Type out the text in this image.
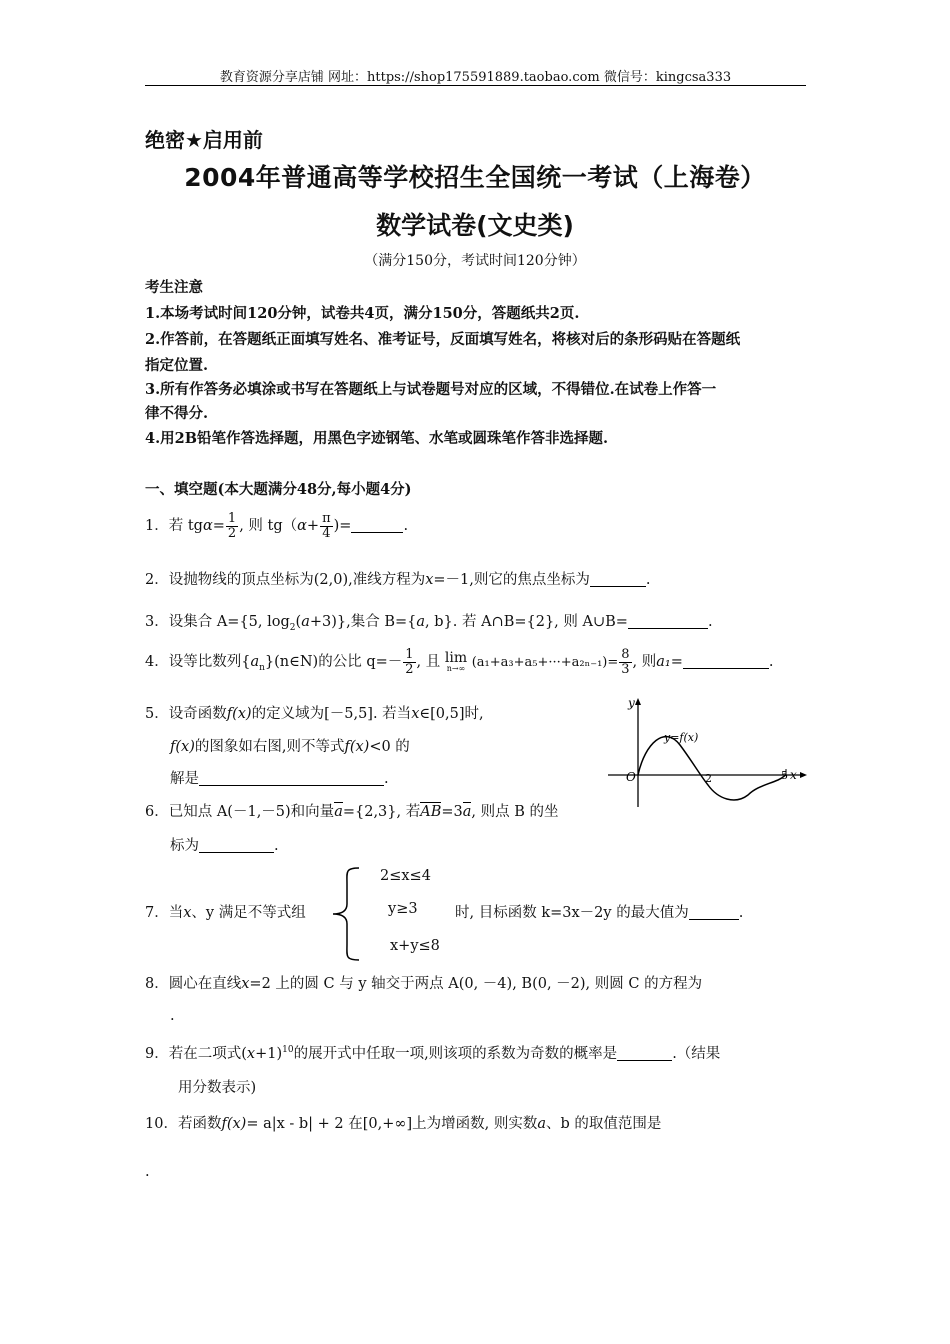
教育资源分享店铺 网址：https://shop175591889.taobao.com 微信号：kingcsa333
绝密★启用前
2004年普通高等学校招生全国统一考试（上海卷）
数学试卷(文史类)
（满分150分，考试时间120分钟）
考生注意
1.本场考试时间120分钟，试卷共4页，满分150分，答题纸共2页.
2.作答前，在答题纸正面填写姓名、准考证号，反面填写姓名，将核对后的条形码贴在答题纸
指定位置.
3.所有作答务必填涂或书写在答题纸上与试卷题号对应的区域，不得错位.在试卷上作答一
律不得分.
4.用2B铅笔作答选择题，用黑色字迹钢笔、水笔或圆珠笔作答非选择题.
一、填空题(本大题满分48分,每小题4分)
1．若 $tg\alpha= \frac{1}{2}$ , 则 $tg(\alpha+ \frac{\pi}{4}$ )=	.
2．设抛物线的顶点坐标为(2,0),准线方程为x=－1,则它的焦点坐标为	.
3．设集合 A={5, $\log_2(a+3)$},集合 B={a, b}. 若 A∩B={2}, 则 A∪B=	.
4．设等比数列$\{a_n\}(n\in N)$的公比 $q=- \frac{1}{2}$ , 且 lim
n→∞ $(a_1+a_3+a_5+\cdot\cdot\cdot+a_{2n-1})= \frac{8}{3}$ , 则a₁=	.
5．设奇函数f(x)的定义域为[－5,5]. 若当x∈[0,5]时,
f(x)的图象如右图,则不等式f(x)<0 的
解是	.
y
x
O	2	5
y=f(x)
6．已知点 A(－1,－5)和向量a={2,3}, 若AB=3a, 则点 B 的坐
标为	.
7．当x、y 满足不等式组
2≤x≤4
y≥3
x+y≤8
时, 目标函数 k=3x－2y 的最大值为	.
8．圆心在直线x=2 上的圆 C 与 y 轴交于两点 A(0, －4), B(0, －2), 则圆 C 的方程为
.
9．若在二项式$(x+1)^{10}$的展开式中任取一项,则该项的系数为奇数的概率是	.（结果
用分数表示)
10．若函数f(x)= a|x - b| + 2 在[0,+∞]上为增函数, 则实数a、b 的取值范围是
.
